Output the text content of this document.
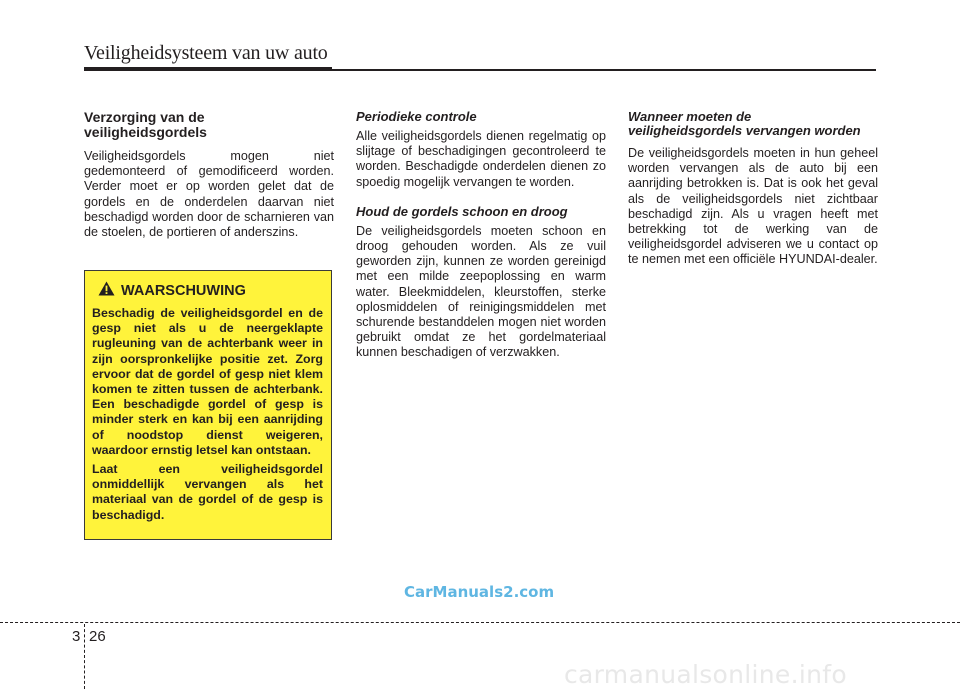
Veiligheidsysteem van uw auto
Verzorging van de
veiligheidsgordels
Veiligheidsgordels mogen niet gedemonteerd of gemodificeerd worden. Verder moet er op worden gelet dat de gordels en de onderdelen daarvan niet beschadigd worden door de scharnieren van de stoelen, de portieren of anderszins.
WAARSCHUWING
Beschadig de veiligheidsgordel en de gesp niet als u de neergeklapte rugleuning van de achterbank weer in zijn oorspronkelijke positie zet. Zorg ervoor dat de gordel of gesp niet klem komen te zitten tussen de achterbank. Een beschadigde gordel of gesp is minder sterk en kan bij een aanrijding of noodstop dienst weigeren, waardoor ernstig letsel kan ontstaan.
Laat een veiligheidsgordel onmiddellijk vervangen als het materiaal van de gordel of de gesp is beschadigd.
Periodieke controle
Alle veiligheidsgordels dienen regelmatig op slijtage of beschadigingen gecontroleerd te worden. Beschadigde onderdelen dienen zo spoedig mogelijk vervangen te worden.
Houd de gordels schoon en droog
De veiligheidsgordels moeten schoon en droog gehouden worden. Als ze vuil geworden zijn, kunnen ze worden gereinigd met een milde zeepoplossing en warm water. Bleekmiddelen, kleurstoffen, sterke oplosmiddelen of reinigingsmiddelen met schurende bestanddelen mogen niet worden gebruikt omdat ze het gordelmateriaal kunnen beschadigen of verzwakken.
Wanneer moeten de
veiligheidsgordels vervangen worden
De veiligheidsgordels moeten in hun geheel worden vervangen als de auto bij een aanrijding betrokken is. Dat is ook het geval als de veiligheidsgordels niet zichtbaar beschadigd zijn. Als u vragen heeft met betrekking tot de werking van de veiligheidsgordel adviseren we u contact op te nemen met een officiële HYUNDAI-dealer.
CarManuals2.com
3 26
carmanualsonline.info
